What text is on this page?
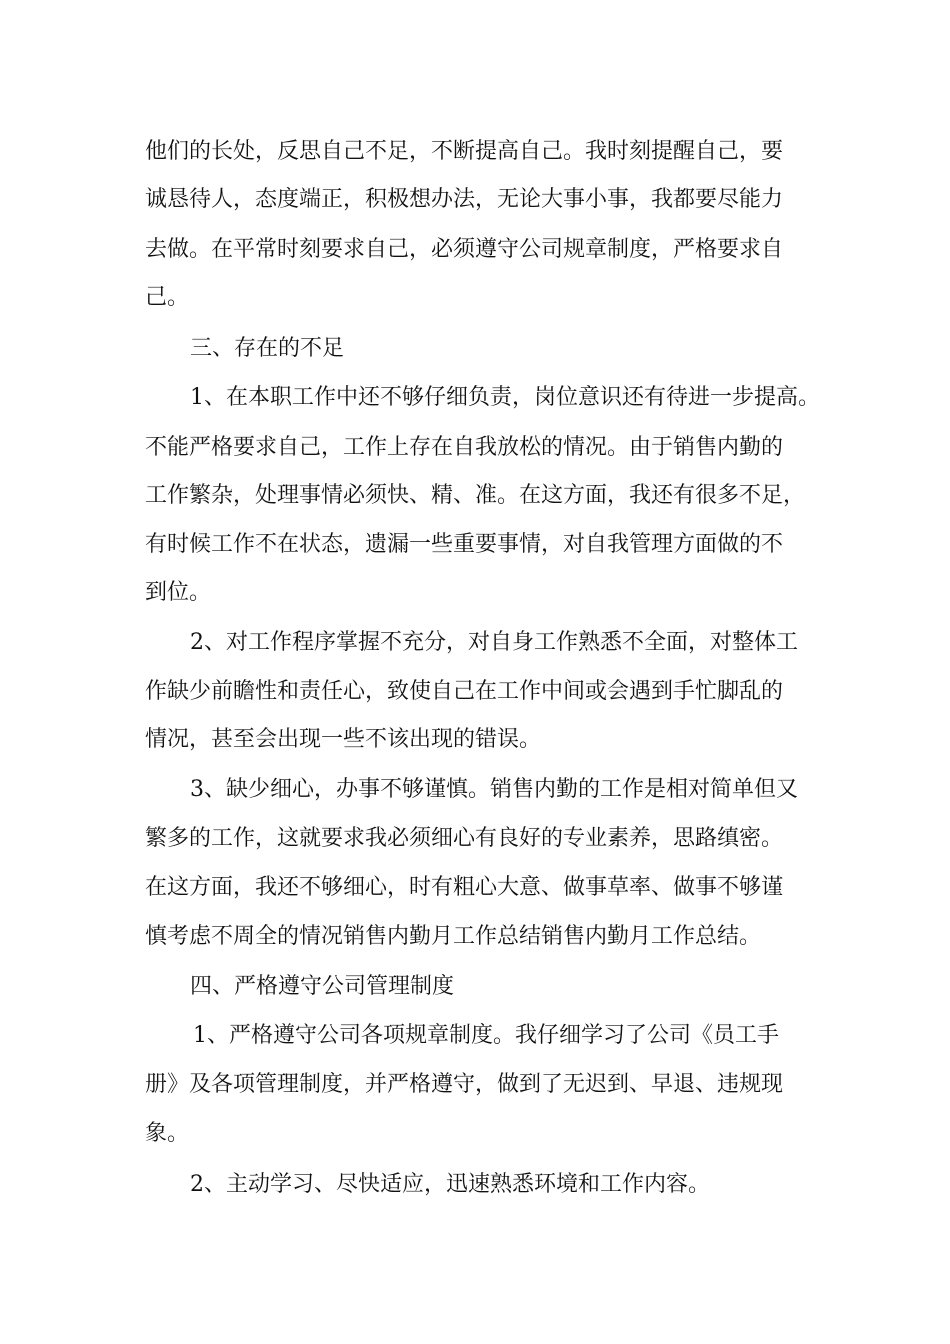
他们的长处，反思自己不足，不断提高自己。我时刻提醒自己，要
诚恳待人，态度端正，积极想办法，无论大事小事，我都要尽能力
去做。在平常时刻要求自己，必须遵守公司规章制度，严格要求自
己。
三、存在的不足
1、在本职工作中还不够仔细负责，岗位意识还有待进一步提高。
不能严格要求自己，工作上存在自我放松的情况。由于销售内勤的
工作繁杂，处理事情必须快、精、准。在这方面，我还有很多不足，
有时候工作不在状态，遗漏一些重要事情，对自我管理方面做的不
到位。
2、对工作程序掌握不充分，对自身工作熟悉不全面，对整体工
作缺少前瞻性和责任心，致使自己在工作中间或会遇到手忙脚乱的
情况，甚至会出现一些不该出现的错误。
3、缺少细心，办事不够谨慎。销售内勤的工作是相对简单但又
繁多的工作，这就要求我必须细心有良好的专业素养，思路缜密。
在这方面，我还不够细心，时有粗心大意、做事草率、做事不够谨
慎考虑不周全的情况销售内勤月工作总结销售内勤月工作总结。
四、严格遵守公司管理制度
1、严格遵守公司各项规章制度。我仔细学习了公司《员工手
册》及各项管理制度，并严格遵守，做到了无迟到、早退、违规现
象。
2、主动学习、尽快适应，迅速熟悉环境和工作内容。
